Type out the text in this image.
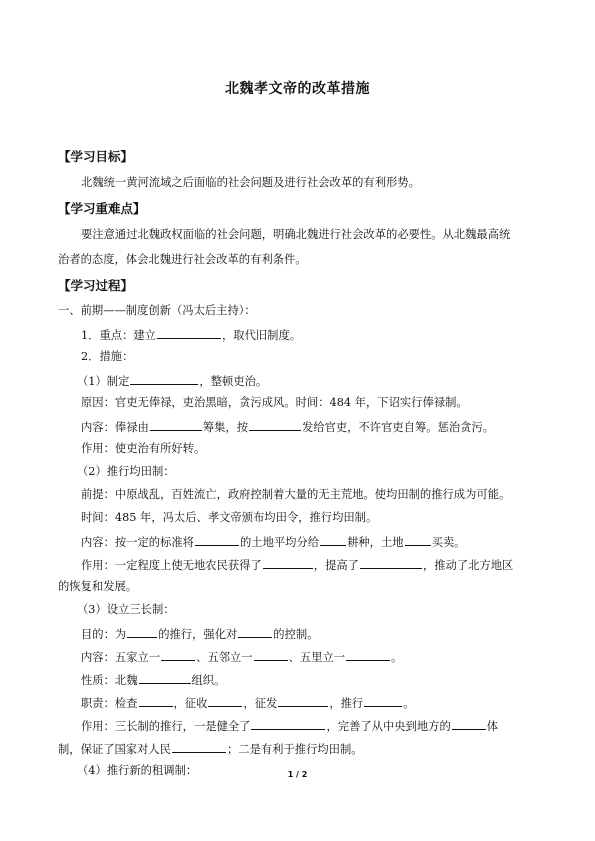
北魏孝文帝的改革措施
【学习目标】
北魏统一黄河流域之后面临的社会问题及进行社会改革的有利形势。
【学习重难点】
要注意通过北魏政权面临的社会问题，明确北魏进行社会改革的必要性。从北魏最高统
治者的态度，体会北魏进行社会改革的有利条件。
【学习过程】
一、前期——制度创新（冯太后主持）：
1．重点：建立	，取代旧制度。
2．措施：
（1）制定	，整顿吏治。
原因：官吏无俸禄，吏治黑暗，贪污成风。时间：484 年，下诏实行俸禄制。
内容：俸禄由	筹集，按	发给官吏，不许官吏自筹。惩治贪污。
作用：使吏治有所好转。
（2）推行均田制：
前提：中原战乱，百姓流亡，政府控制着大量的无主荒地。使均田制的推行成为可能。
时间：485 年，冯太后、孝文帝颁布均田令，推行均田制。
内容：按一定的标准将	的土地平均分给 耕种，土地 买卖。
作用：一定程度上使无地农民获得了	，提高了	，推动了北方地区
的恢复和发展。
（3）设立三长制：
目的：为	的推行，强化对	的控制。
内容：五家立一	、五邻立一	、五里立一	。
性质：北魏	组织。
职责：检查	，征收	，征发	，推行	。
作用：三长制的推行，一是健全了	，完善了从中央到地方的	体
制，保证了国家对人民	；二是有利于推行均田制。
（4）推行新的租调制：	1 / 2
